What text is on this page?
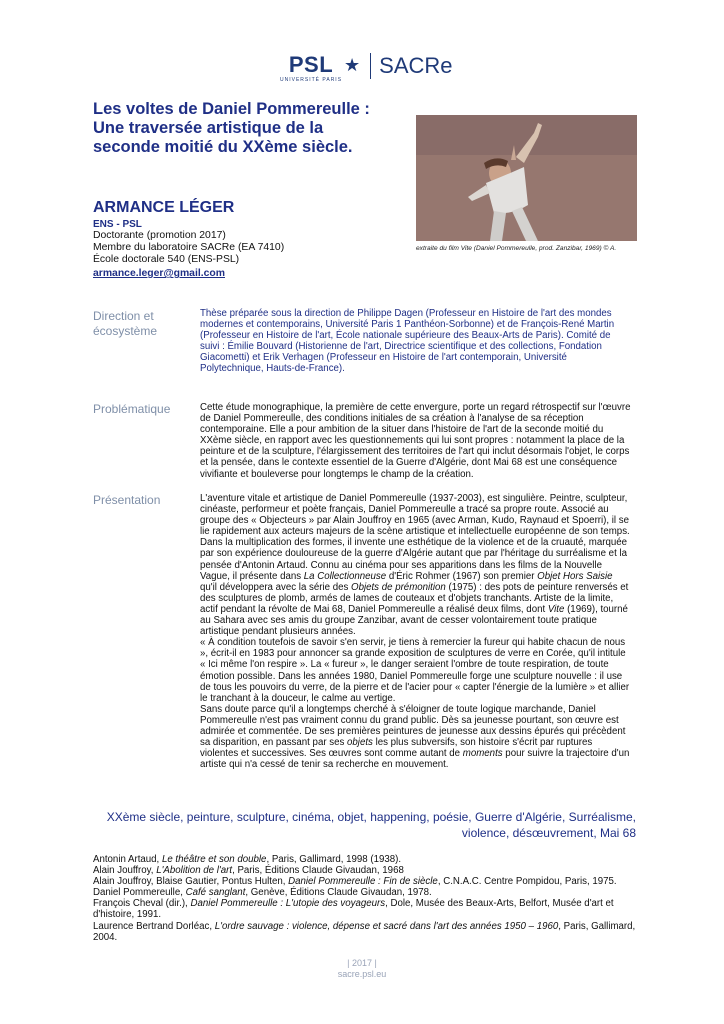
PSL
UNIVERSITÉ PARIS
★ SACRe
Les voltes de Daniel Pommereulle : Une traversée artistique de la seconde moitié du XXème siècle.
ARMANCE LÉGER
ENS - PSL
Doctorante (promotion 2017)
Membre du laboratoire SACRe (EA 7410)
École doctorale 540 (ENS-PSL)
armance.leger@gmail.com
extraite du film Vite (Daniel Pommereulle, prod. Zanzibar, 1969) © A.
Direction et écosystème
Thèse préparée sous la direction de Philippe Dagen (Professeur en Histoire de l'art des mondes modernes et contemporains, Université Paris 1 Panthéon-Sorbonne) et de François-René Martin (Professeur en Histoire de l'art, École nationale supérieure des Beaux-Arts de Paris). Comité de suivi : Émilie Bouvard (Historienne de l'art, Directrice scientifique et des collections, Fondation Giacometti) et Erik Verhagen (Professeur en Histoire de l'art contemporain, Université Polytechnique, Hauts-de-France).
Problématique	Cette étude monographique, la première de cette envergure, porte un regard rétrospectif sur l'œuvre de Daniel Pommereulle, des conditions initiales de sa création à l'analyse de sa réception contemporaine. Elle a pour ambition de la situer dans l'histoire de l'art de la seconde moitié du XXème siècle, en rapport avec les questionnements qui lui sont propres : notamment la place de la peinture et de la sculpture, l'élargissement des territoires de l'art qui inclut désormais l'objet, le corps et la pensée, dans le contexte essentiel de la Guerre d'Algérie, dont Mai 68 est une conséquence vivifiante et bouleverse pour longtemps le champ de la création.
Présentation	L'aventure vitale et artistique de Daniel Pommereulle (1937-2003), est singulière. Peintre, sculpteur, cinéaste, performeur et poète français, Daniel Pommereulle a tracé sa propre route. Associé au groupe des « Objecteurs » par Alain Jouffroy en 1965 (avec Arman, Kudo, Raynaud et Spoerri), il se lie rapidement aux acteurs majeurs de la scène artistique et intellectuelle européenne de son temps.
Dans la multiplication des formes, il invente une esthétique de la violence et de la cruauté, marquée par son expérience douloureuse de la guerre d'Algérie autant que par l'héritage du surréalisme et la pensée d'Antonin Artaud. Connu au cinéma pour ses apparitions dans les films de la Nouvelle Vague, il présente dans La Collectionneuse d'Éric Rohmer (1967) son premier Objet Hors Saisie qu'il développera avec la série des Objets de prémonition (1975) : des pots de peinture renversés et des sculptures de plomb, armés de lames de couteaux et d'objets tranchants. Artiste de la limite, actif pendant la révolte de Mai 68, Daniel Pommereulle a réalisé deux films, dont Vite (1969), tourné au Sahara avec ses amis du groupe Zanzibar, avant de cesser volontairement toute pratique artistique pendant plusieurs années.
« À condition toutefois de savoir s'en servir, je tiens à remercier la fureur qui habite chacun de nous », écrit-il en 1983 pour annoncer sa grande exposition de sculptures de verre en Corée, qu'il intitule « Ici même l'on respire ». La « fureur », le danger seraient l'ombre de toute respiration, de toute émotion possible. Dans les années 1980, Daniel Pommereulle forge une sculpture nouvelle : il use de tous les pouvoirs du verre, de la pierre et de l'acier pour « capter l'énergie de la lumière » et allier le tranchant à la douceur, le calme au vertige.
Sans doute parce qu'il a longtemps cherché à s'éloigner de toute logique marchande, Daniel Pommereulle n'est pas vraiment connu du grand public. Dès sa jeunesse pourtant, son œuvre est admirée et commentée. De ses premières peintures de jeunesse aux dessins épurés qui précèdent sa disparition, en passant par ses objets les plus subversifs, son histoire s'écrit par ruptures violentes et successives. Ses œuvres sont comme autant de moments pour suivre la trajectoire d'un artiste qui n'a cessé de tenir sa recherche en mouvement.
XXème siècle, peinture, sculpture, cinéma, objet, happening, poésie, Guerre d'Algérie, Surréalisme, violence, désœuvrement, Mai 68

Antonin Artaud, Le théâtre et son double, Paris, Gallimard, 1998 (1938).

Alain Jouffroy, L'Abolition de l'art, Paris, Éditions Claude Givaudan, 1968

Alain Jouffroy, Blaise Gautier, Pontus Hulten, Daniel Pommereulle : Fin de siècle, C.N.A.C. Centre Pompidou, Paris, 1975.

Daniel Pommereulle, Café sanglant, Genève, Éditions Claude Givaudan, 1978.

François Cheval (dir.), Daniel Pommereulle : L'utopie des voyageurs, Dole, Musée des Beaux-Arts, Belfort, Musée d'art et d'histoire, 1991.

Laurence Bertrand Dorléac, L'ordre sauvage : violence, dépense et sacré dans l'art des années 1950 – 1960, Paris, Gallimard, 2004.

| 2017 |
sacre.psl.eu
